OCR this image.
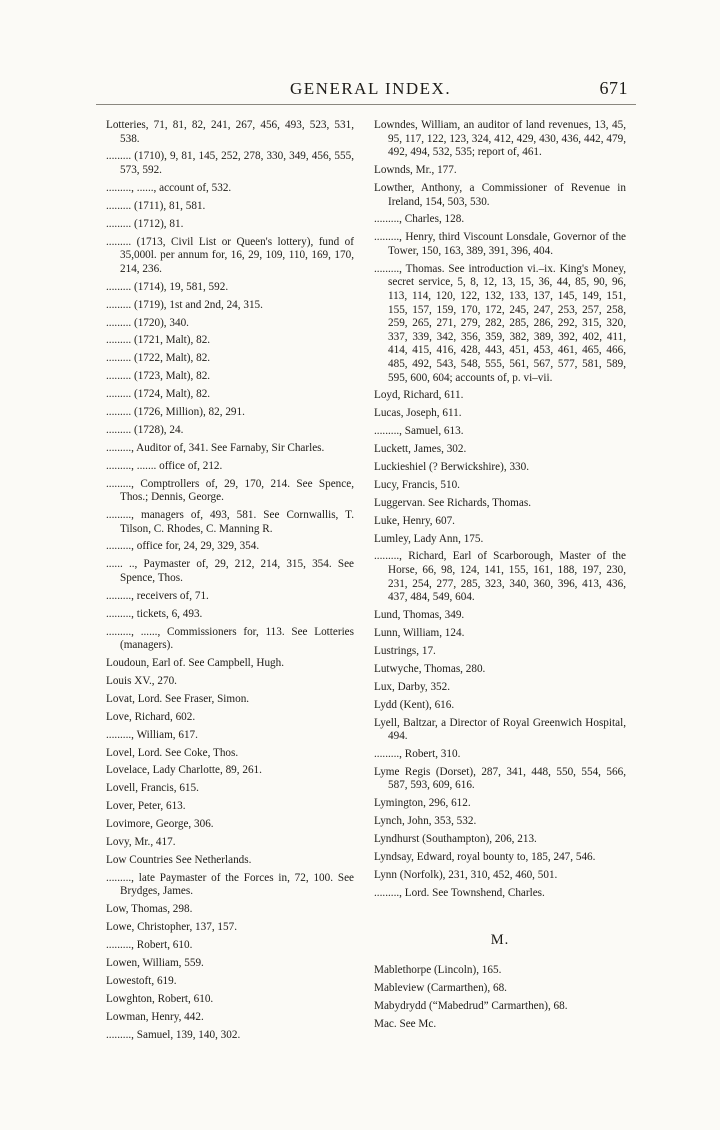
GENERAL INDEX.	671
Lotteries, 71, 81, 82, 241, 267, 456, 493, 523, 531, 538.
......... (1710), 9, 81, 145, 252, 278, 330, 349, 456, 555, 573, 592.
........., ......, account of, 532.
......... (1711), 81, 581.
......... (1712), 81.
......... (1713, Civil List or Queen's lottery), fund of 35,000l. per annum for, 16, 29, 109, 110, 169, 170, 214, 236.
......... (1714), 19, 581, 592.
......... (1719), 1st and 2nd, 24, 315.
......... (1720), 340.
......... (1721, Malt), 82.
......... (1722, Malt), 82.
......... (1723, Malt), 82.
......... (1724, Malt), 82.
......... (1726, Million), 82, 291.
......... (1728), 24.
........., Auditor of, 341. See Farnaby, Sir Charles.
........., ....... office of, 212.
........., Comptrollers of, 29, 170, 214. See Spence, Thos.; Dennis, George.
........., managers of, 493, 581. See Cornwallis, T. Tilson, C. Rhodes, C. Manning R.
........., office for, 24, 29, 329, 354.
...... .., Paymaster of, 29, 212, 214, 315, 354. See Spence, Thos.
........., receivers of, 71.
........., tickets, 6, 493.
........., ......, Commissioners for, 113. See Lotteries (managers).
Loudoun, Earl of. See Campbell, Hugh.
Louis XV., 270.
Lovat, Lord. See Fraser, Simon.
Love, Richard, 602.
........., William, 617.
Lovel, Lord. See Coke, Thos.
Lovelace, Lady Charlotte, 89, 261.
Lovell, Francis, 615.
Lover, Peter, 613.
Lovimore, George, 306.
Lovy, Mr., 417.
Low Countries See Netherlands.
........., late Paymaster of the Forces in, 72, 100. See Brydges, James.
Low, Thomas, 298.
Lowe, Christopher, 137, 157.
........., Robert, 610.
Lowen, William, 559.
Lowestoft, 619.
Lowghton, Robert, 610.
Lowman, Henry, 442.
........., Samuel, 139, 140, 302.
Lowndes, William, an auditor of land revenues, 13, 45, 95, 117, 122, 123, 324, 412, 429, 430, 436, 442, 479, 492, 494, 532, 535; report of, 461.
Lownds, Mr., 177.
Lowther, Anthony, a Commissioner of Revenue in Ireland, 154, 503, 530.
........., Charles, 128.
........., Henry, third Viscount Lonsdale, Governor of the Tower, 150, 163, 389, 391, 396, 404.
........., Thomas. See introduction vi.–ix. King's Money, secret service, 5, 8, 12, 13, 15, 36, 44, 85, 90, 96, 113, 114, 120, 122, 132, 133, 137, 145, 149, 151, 155, 157, 159, 170, 172, 245, 247, 253, 257, 258, 259, 265, 271, 279, 282, 285, 286, 292, 315, 320, 337, 339, 342, 356, 359, 382, 389, 392, 402, 411, 414, 415, 416, 428, 443, 451, 453, 461, 465, 466, 485, 492, 543, 548, 555, 561, 567, 577, 581, 589, 595, 600, 604; accounts of, p. vi–vii.
Loyd, Richard, 611.
Lucas, Joseph, 611.
........., Samuel, 613.
Luckett, James, 302.
Luckieshiel (? Berwickshire), 330.
Lucy, Francis, 510.
Luggervan. See Richards, Thomas.
Luke, Henry, 607.
Lumley, Lady Ann, 175.
........., Richard, Earl of Scarborough, Master of the Horse, 66, 98, 124, 141, 155, 161, 188, 197, 230, 231, 254, 277, 285, 323, 340, 360, 396, 413, 436, 437, 484, 549, 604.
Lund, Thomas, 349.
Lunn, William, 124.
Lustrings, 17.
Lutwyche, Thomas, 280.
Lux, Darby, 352.
Lydd (Kent), 616.
Lyell, Baltzar, a Director of Royal Greenwich Hospital, 494.
........., Robert, 310.
Lyme Regis (Dorset), 287, 341, 448, 550, 554, 566, 587, 593, 609, 616.
Lymington, 296, 612.
Lynch, John, 353, 532.
Lyndhurst (Southampton), 206, 213.
Lyndsay, Edward, royal bounty to, 185, 247, 546.
Lynn (Norfolk), 231, 310, 452, 460, 501.
........., Lord. See Townshend, Charles.
M.
Mablethorpe (Lincoln), 165.
Mableview (Carmarthen), 68.
Mabydrydd (“Mabedrud” Carmarthen), 68.
Mac. See Mc.
